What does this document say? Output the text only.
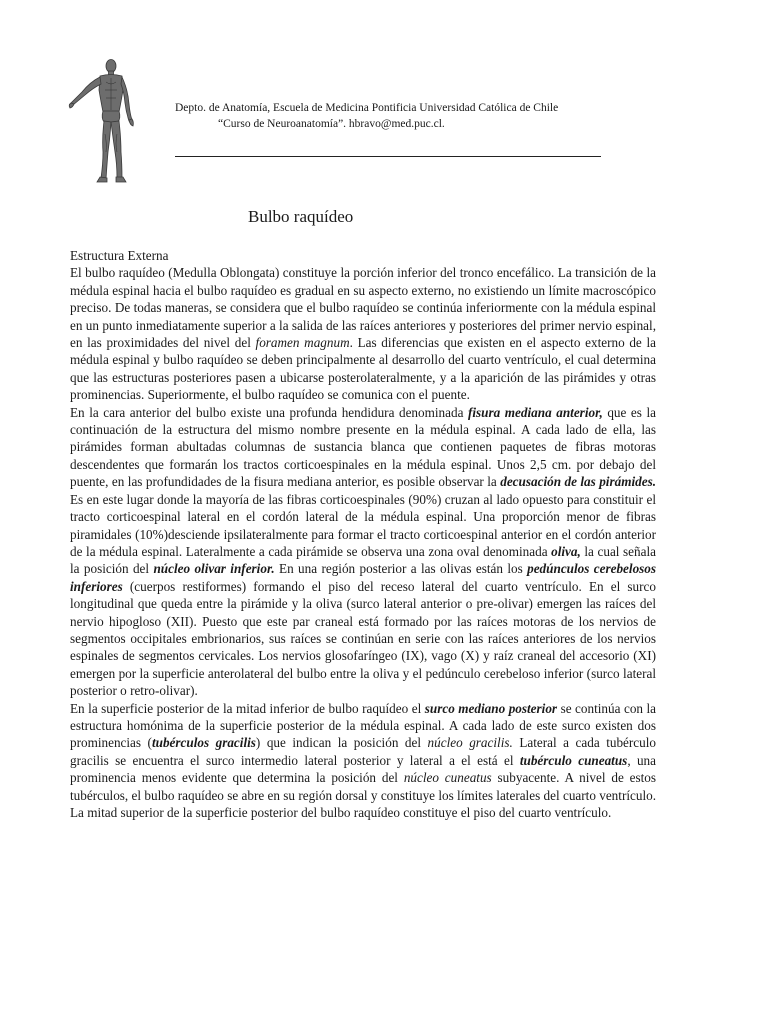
Depto. de Anatomía, Escuela de Medicina Pontificia Universidad Católica de Chile
“Curso de Neuroanatomía”. hbravo@med.puc.cl.
Bulbo raquídeo

Estructura Externa

El bulbo raquídeo (Medulla Oblongata) constituye la porción inferior del tronco encefálico. La transición de la médula espinal hacia el bulbo raquídeo es gradual en su aspecto externo, no existiendo un límite macroscópico preciso. De todas maneras, se considera que el bulbo raquídeo se continúa inferiormente con la médula espinal en un punto inmediatamente superior a la salida de las raíces anteriores y posteriores del primer nervio espinal, en las proximidades del nivel del foramen magnum. Las diferencias que existen en el aspecto externo de la médula espinal y bulbo raquídeo se deben principalmente al desarrollo del cuarto ventrículo, el cual determina que las estructuras posteriores pasen a ubicarse posterolateralmente, y a la aparición de las pirámides y otras prominencias. Superiormente, el bulbo raquídeo se comunica con el puente.

En la cara anterior del bulbo existe una profunda hendidura denominada fisura mediana anterior, que es la continuación de la estructura del mismo nombre presente en la médula espinal. A cada lado de ella, las pirámides forman abultadas columnas de sustancia blanca que contienen paquetes de fibras motoras descendentes que formarán los tractos corticoespinales en la médula espinal. Unos 2,5 cm. por debajo del puente, en las profundidades de la fisura mediana anterior, es posible observar la decusación de las pirámides. Es en este lugar donde la mayoría de las fibras corticoespinales (90%) cruzan al lado opuesto para constituir el tracto corticoespinal lateral en el cordón lateral de la médula espinal. Una proporción menor de fibras piramidales (10%)desciende ipsilateralmente para formar el tracto corticoespinal anterior en el cordón anterior de la médula espinal. Lateralmente a cada pirámide se observa una zona oval denominada oliva, la cual señala la posición del núcleo olivar inferior. En una región posterior a las olivas están los pedúnculos cerebelosos inferiores (cuerpos restiformes) formando el piso del receso lateral del cuarto ventrículo. En el surco longitudinal que queda entre la pirámide y la oliva (surco lateral anterior o pre-olivar) emergen las raíces del nervio hipogloso (XII). Puesto que este par craneal está formado por las raíces motoras de los nervios de segmentos occipitales embrionarios, sus raíces se continúan en serie con las raíces anteriores de los nervios espinales de segmentos cervicales. Los nervios glosofaríngeo (IX), vago (X) y raíz craneal del accesorio (XI) emergen por la superficie anterolateral del bulbo entre la oliva y el pedúnculo cerebeloso inferior (surco lateral posterior o retro-olivar).

En la superficie posterior de la mitad inferior de bulbo raquídeo el surco mediano posterior se continúa con la estructura homónima de la superficie posterior de la médula espinal. A cada lado de este surco existen dos prominencias (tubérculos gracilis) que indican la posición del núcleo gracilis. Lateral a cada tubérculo gracilis se encuentra el surco intermedio lateral posterior y lateral a el está el tubérculo cuneatus, una prominencia menos evidente que determina la posición del núcleo cuneatus subyacente. A nivel de estos tubérculos, el bulbo raquídeo se abre en su región dorsal y constituye los límites laterales del cuarto ventrículo. La mitad superior de la superficie posterior del bulbo raquídeo constituye el piso del cuarto ventrículo.
